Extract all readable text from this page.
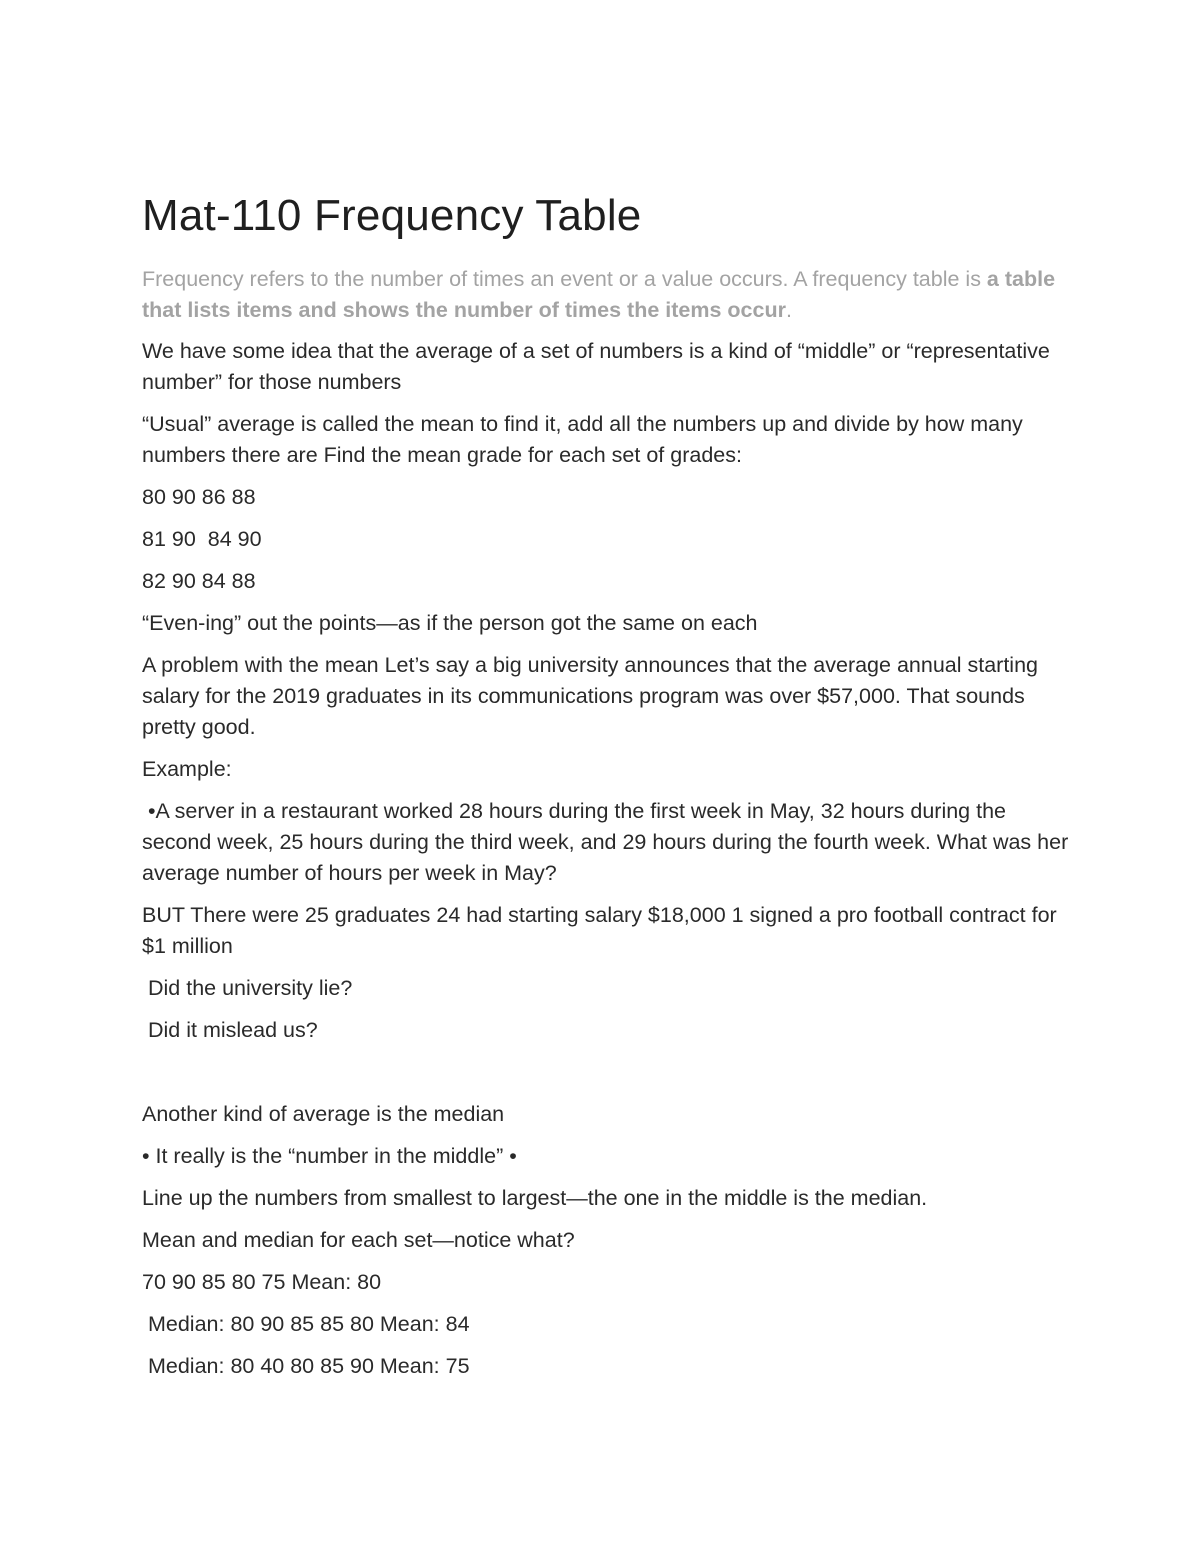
Mat-110 Frequency Table

Frequency refers to the number of times an event or a value occurs. A frequency table is a table that lists items and shows the number of times the items occur.

We have some idea that the average of a set of numbers is a kind of “middle” or “representative number” for those numbers

“Usual” average is called the mean to find it, add all the numbers up and divide by how many numbers there are Find the mean grade for each set of grades:

80 90 86 88

81 90  84 90

82 90 84 88

“Even-ing” out the points—as if the person got the same on each

A problem with the mean Let’s say a big university announces that the average annual starting salary for the 2019 graduates in its communications program was over $57,000. That sounds pretty good.

Example:

•A server in a restaurant worked 28 hours during the first week in May, 32 hours during the second week, 25 hours during the third week, and 29 hours during the fourth week. What was her average number of hours per week in May?

BUT There were 25 graduates 24 had starting salary $18,000 1 signed a pro football contract for $1 million

Did the university lie?

Did it mislead us?

Another kind of average is the median

• It really is the “number in the middle” •

Line up the numbers from smallest to largest—the one in the middle is the median.

Mean and median for each set—notice what?

70 90 85 80 75 Mean: 80

Median: 80 90 85 85 80 Mean: 84

Median: 80 40 80 85 90 Mean: 75
